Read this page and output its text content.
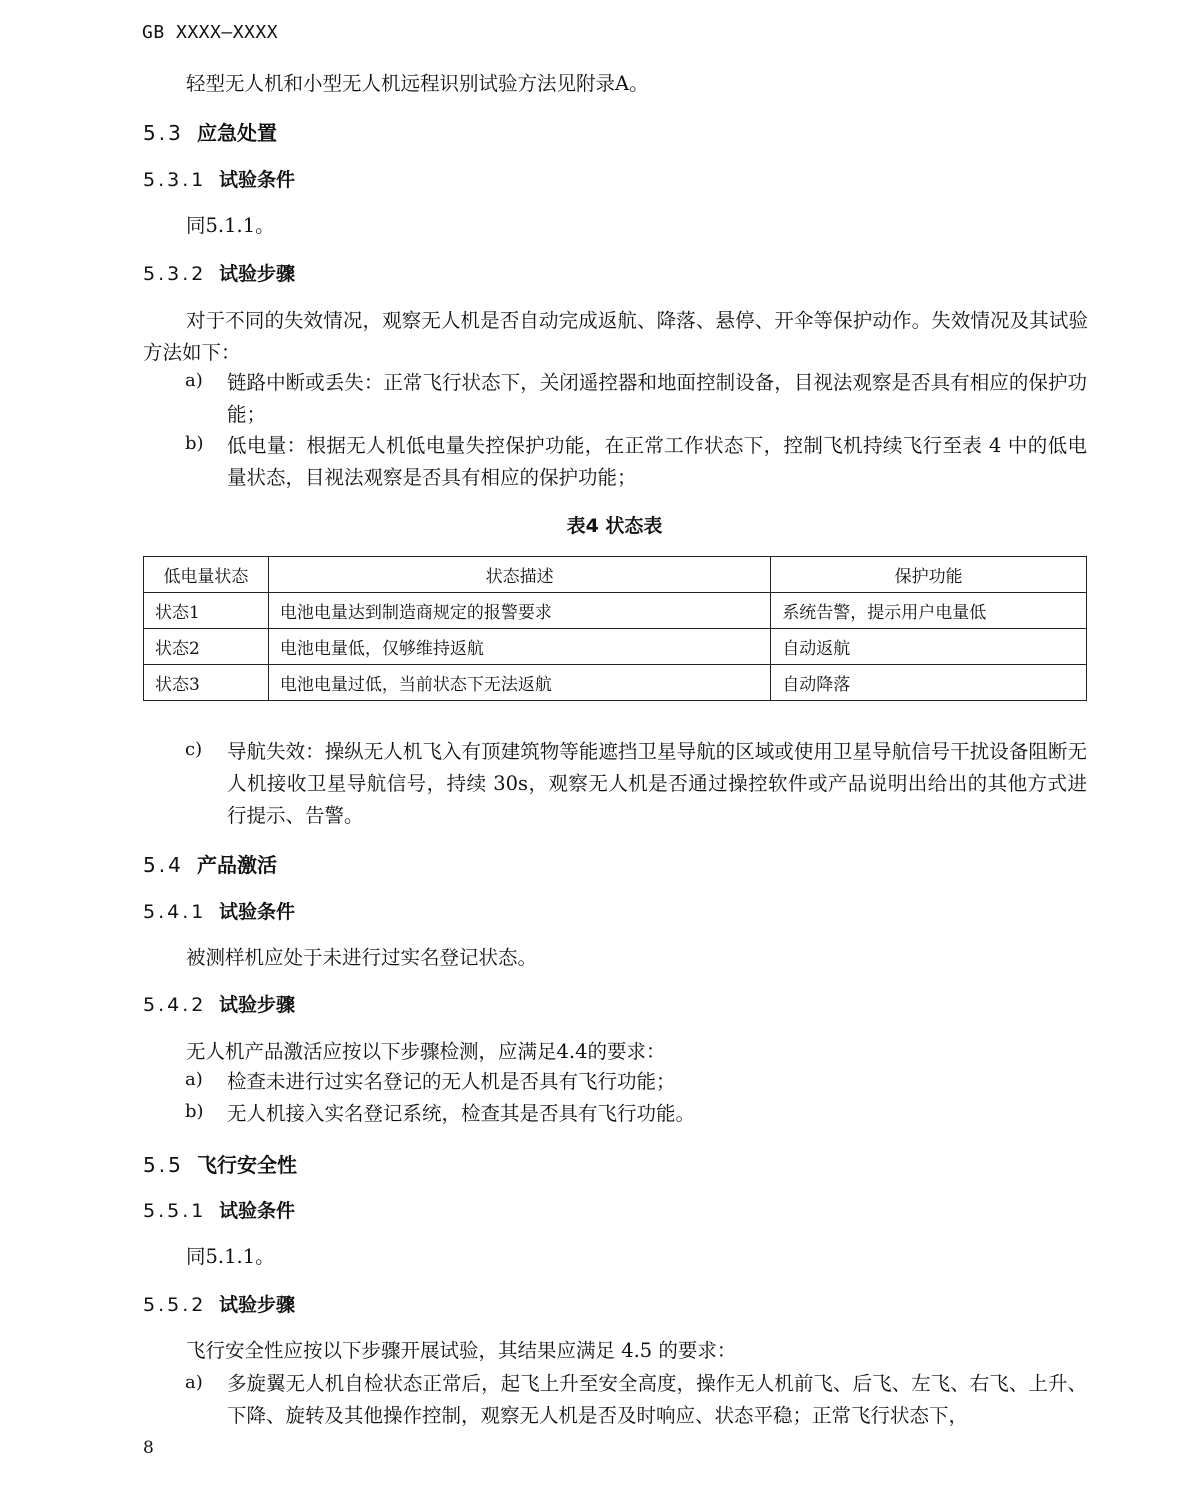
GB XXXX—XXXX
轻型无人机和小型无人机远程识别试验方法见附录A。
5.3 应急处置
5.3.1 试验条件
同5.1.1。
5.3.2 试验步骤
对于不同的失效情况，观察无人机是否自动完成返航、降落、悬停、开伞等保护动作。失效情况及其试验方法如下：
a) 链路中断或丢失：正常飞行状态下，关闭遥控器和地面控制设备，目视法观察是否具有相应的保护功能；
b) 低电量：根据无人机低电量失控保护功能，在正常工作状态下，控制飞机持续飞行至表 4 中的低电量状态，目视法观察是否具有相应的保护功能；
表4 状态表
低电量状态	状态描述	保护功能
状态1	电池电量达到制造商规定的报警要求	系统告警，提示用户电量低
状态2	电池电量低，仅够维持返航	自动返航
状态3	电池电量过低，当前状态下无法返航	自动降落
c) 导航失效：操纵无人机飞入有顶建筑物等能遮挡卫星导航的区域或使用卫星导航信号干扰设备阻断无人机接收卫星导航信号，持续 30s，观察无人机是否通过操控软件或产品说明出给出的其他方式进行提示、告警。
5.4 产品激活
5.4.1 试验条件
被测样机应处于未进行过实名登记状态。
5.4.2 试验步骤
无人机产品激活应按以下步骤检测，应满足4.4的要求：
a) 检查未进行过实名登记的无人机是否具有飞行功能；
b) 无人机接入实名登记系统，检查其是否具有飞行功能。
5.5 飞行安全性
5.5.1 试验条件
同5.1.1。
5.5.2 试验步骤
飞行安全性应按以下步骤开展试验，其结果应满足 4.5 的要求：
a) 多旋翼无人机自检状态正常后，起飞上升至安全高度，操作无人机前飞、后飞、左飞、右飞、上升、下降、旋转及其他操作控制，观察无人机是否及时响应、状态平稳；正常飞行状态下，
8
